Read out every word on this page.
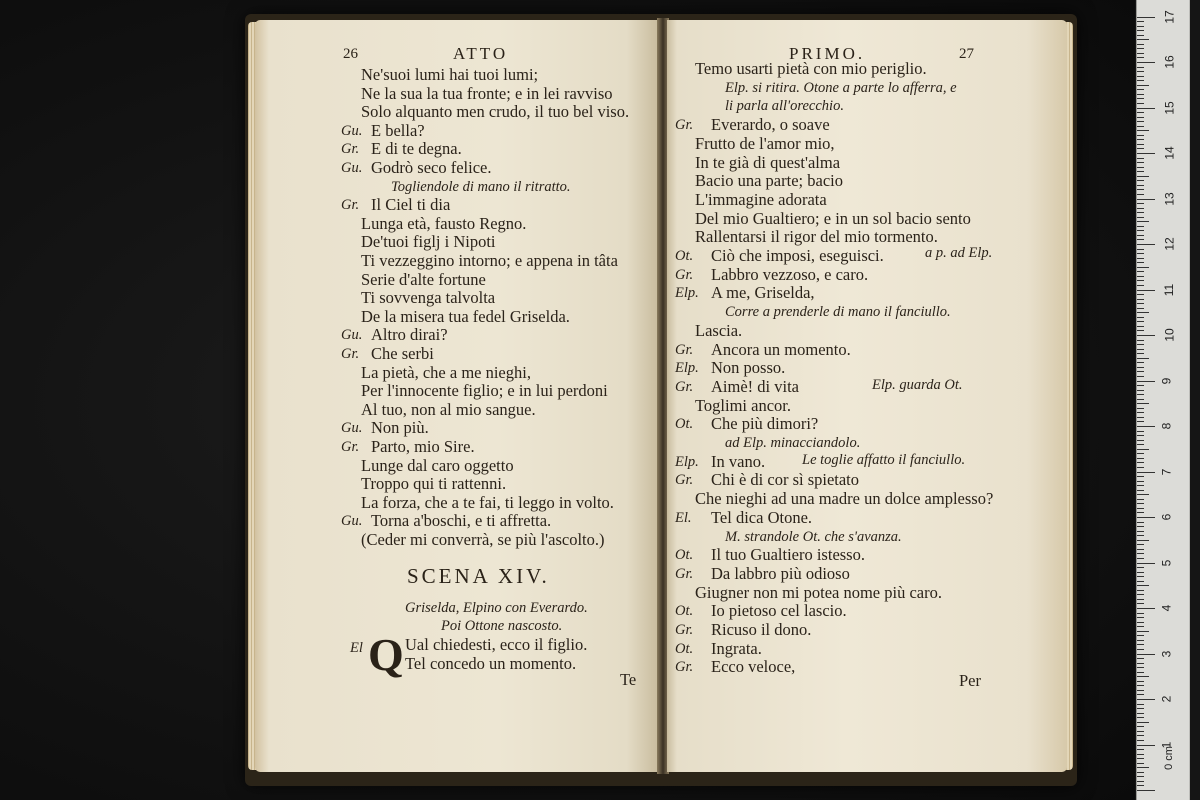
26	ATTO
Ne'suoi lumi hai tuoi lumi;
Ne la sua la tua fronte; e in lei ravviso
Solo alquanto men crudo, il tuo bel viso.
Gu. E bella?
Gr. E di te degna.
Gu. Godrò seco felice.
Togliendole di mano il ritratto.
Gr. Il Ciel ti dia
Lunga età, fausto Regno.
De'tuoi figlj i Nipoti
Ti vezzeggino intorno; e appena in tâta
Serie d'alte fortune
Ti sovvenga talvolta
De la misera tua fedel Griselda.
Gu. Altro dirai?
Gr. Che serbi
La pietà, che a me nieghi,
Per l'innocente figlio; e in lui perdoni
Al tuo, non al mio sangue.
Gu. Non più.
Gr. Parto, mio Sire.
Lunge dal caro oggetto
Troppo qui ti rattenni.
La forza, che a te fai, ti leggo in volto.
Gu. Torna a'boschi, e ti affretta.
(Ceder mi converrà, se più l'ascolto.)
SCENA XIV.
Griselda, Elpino con Everardo.
Poi Ottone nascosto.
El Q Ual chiedesti, ecco il figlio.
Tel concedo un momento.
Te
PRIMO.	27
Temo usarti pietà con mio periglio.
Elp. si ritira. Otone a parte lo afferra, e
li parla all'orecchio.
Gr. Everardo, o soave
Frutto de l'amor mio,
In te già di quest'alma
Bacio una parte; bacio
L'immagine adorata
Del mio Gualtiero; e in un sol bacio sento
Rallentarsi il rigor del mio tormento.
Ot. Ciò che imposi, eseguisci.
Gr. Labbro vezzoso, e caro.
Elp. A me, Griselda,
Corre a prenderle di mano il fanciullo.
Lascia.
Gr. Ancora un momento.
Elp. Non posso.
Gr. Aimè! di vita
Toglimi ancor.
Ot. Che più dimori?
ad Elp. minacciandolo.
Elp. In vano.
Gr. Chi è di cor sì spietato
Che nieghi ad una madre un dolce amplesso?
El. Tel dica Otone.
M. strandole Ot. che s'avanza.
Ot. Il tuo Gualtiero istesso.
Gr. Da labbro più odioso
Giugner non mi potea nome più caro.
Ot. Io pietoso cel lascio.
Gr. Ricuso il dono.
Ot. Ingrata.
Gr. Ecco veloce,
a p. ad Elp.
Elp. guarda Ot.
Le toglie affatto il fanciullo.
Per
0 cm
17
16
15
14
13
12
11
10
9
8
7
6
5
4
3
2
1
